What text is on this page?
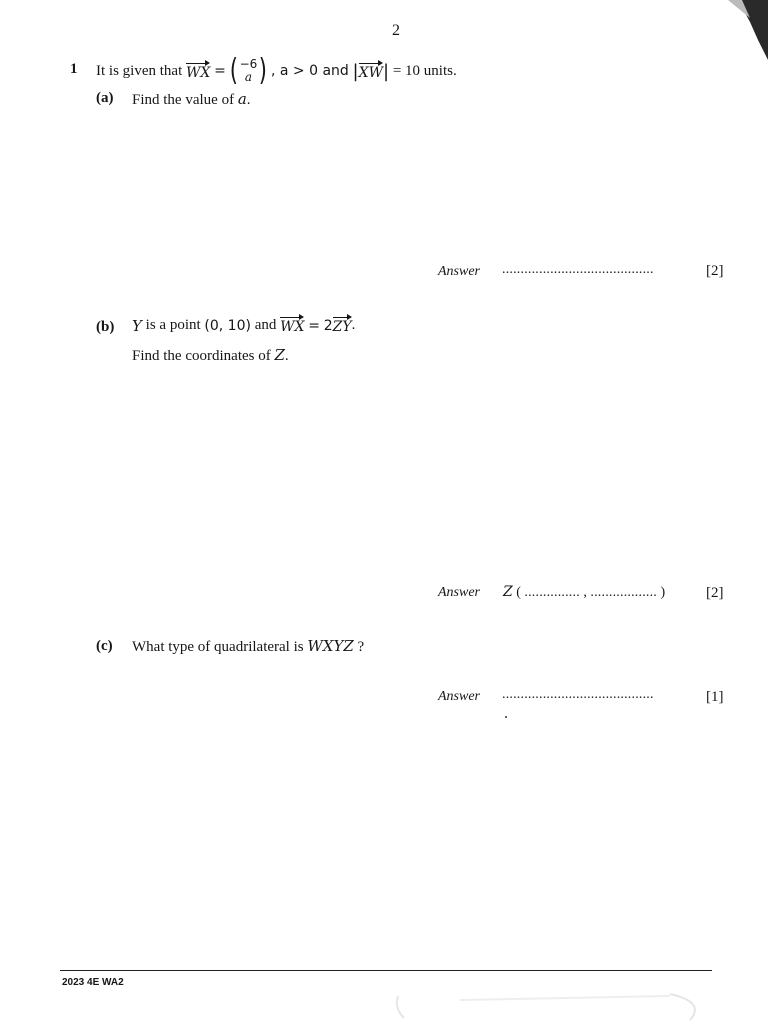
2
1 It is given that
WX
= ( −6
a ) , a > 0 and
| XW |
= 10 units.
(a) Find the value of a.
Answer .........................................	[2]
(b) Y
is a point
(0, 10)
and
WX
=
2 ZY .
Find the coordinates of Z.
Answer Z ( ............... , .................. )	[2]
(c) What type of quadrilateral is WXYZ ?
Answer .........................................	[1]
2023 4E WA2
